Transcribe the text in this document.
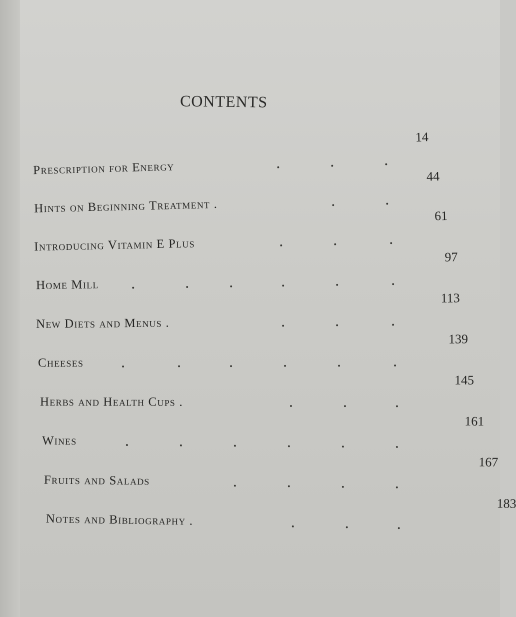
CONTENTS
Prescription for Energy
14
Hints on Beginning Treatment .
44
Introducing Vitamin E Plus
61
Home Mill
97
New Diets and Menus .
113
Cheeses
139
Herbs and Health Cups .
145
Wines
161
Fruits and Salads
167
Notes and Bibliography .
183
